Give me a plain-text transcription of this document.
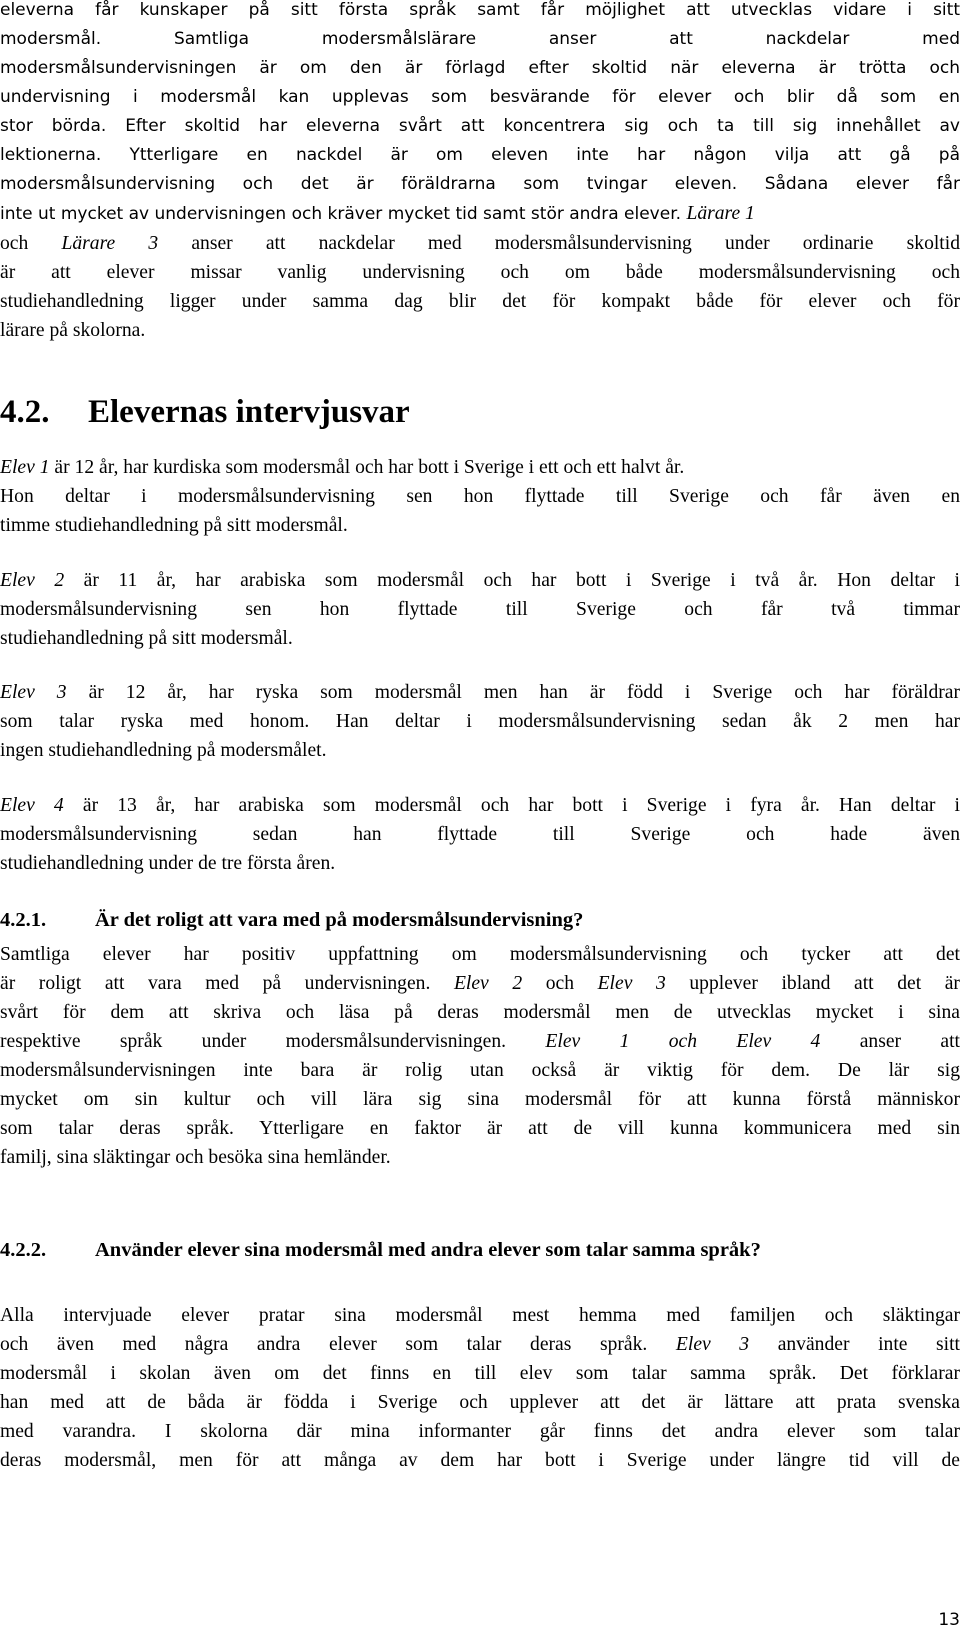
eleverna får kunskaper på sitt första språk samt får möjlighet att utvecklas vidare i sitt
modersmål. Samtliga modersmålslärare anser att nackdelar med
modersmålsundervisningen är om den är förlagd efter skoltid när eleverna är trötta och
undervisning i modersmål kan upplevas som besvärande för elever och blir då som en
stor börda. Efter skoltid har eleverna svårt att koncentrera sig och ta till sig innehållet av
lektionerna. Ytterligare en nackdel är om eleven inte har någon vilja att gå på
modersmålsundervisning och det är föräldrarna som tvingar eleven. Sådana elever får
inte ut mycket av undervisningen och kräver mycket tid samt stör andra elever. Lärare 1
och Lärare 3 anser att nackdelar med modersmålsundervisning under ordinarie skoltid
är att elever missar vanlig undervisning och om både modersmålsundervisning och
studiehandledning ligger under samma dag blir det för kompakt både för elever och för
lärare på skolorna.
4.2. Elevernas intervjusvar
Elev 1 är 12 år, har kurdiska som modersmål och har bott i Sverige i ett och ett halvt år.
Hon deltar i modersmålsundervisning sen hon flyttade till Sverige och får även en
timme studiehandledning på sitt modersmål.
Elev 2 är 11 år, har arabiska som modersmål och har bott i Sverige i två år. Hon deltar i
modersmålsundervisning sen hon flyttade till Sverige och får två timmar
studiehandledning på sitt modersmål.
Elev 3 är 12 år, har ryska som modersmål men han är född i Sverige och har föräldrar
som talar ryska med honom. Han deltar i modersmålsundervisning sedan åk 2 men har
ingen studiehandledning på modersmålet.
Elev 4 är 13 år, har arabiska som modersmål och har bott i Sverige i fyra år. Han deltar i
modersmålsundervisning sedan han flyttade till Sverige och hade även
studiehandledning under de tre första åren.
4.2.1. Är det roligt att vara med på modersmålsundervisning?
Samtliga elever har positiv uppfattning om modersmålsundervisning och tycker att det
är roligt att vara med på undervisningen. Elev 2 och Elev 3 upplever ibland att det är
svårt för dem att skriva och läsa på deras modersmål men de utvecklas mycket i sina
respektive språk under modersmålsundervisningen. Elev 1 och Elev 4 anser att
modersmålsundervisningen inte bara är rolig utan också är viktig för dem. De lär sig
mycket om sin kultur och vill lära sig sina modersmål för att kunna förstå människor
som talar deras språk. Ytterligare en faktor är att de vill kunna kommunicera med sin
familj, sina släktingar och besöka sina hemländer.
4.2.2. Använder elever sina modersmål med andra elever som talar samma språk?
Alla intervjuade elever pratar sina modersmål mest hemma med familjen och släktingar
och även med några andra elever som talar deras språk. Elev 3 använder inte sitt
modersmål i skolan även om det finns en till elev som talar samma språk. Det förklarar
han med att de båda är födda i Sverige och upplever att det är lättare att prata svenska
med varandra. I skolorna där mina informanter går finns det andra elever som talar
deras modersmål, men för att många av dem har bott i Sverige under längre tid vill de
13
